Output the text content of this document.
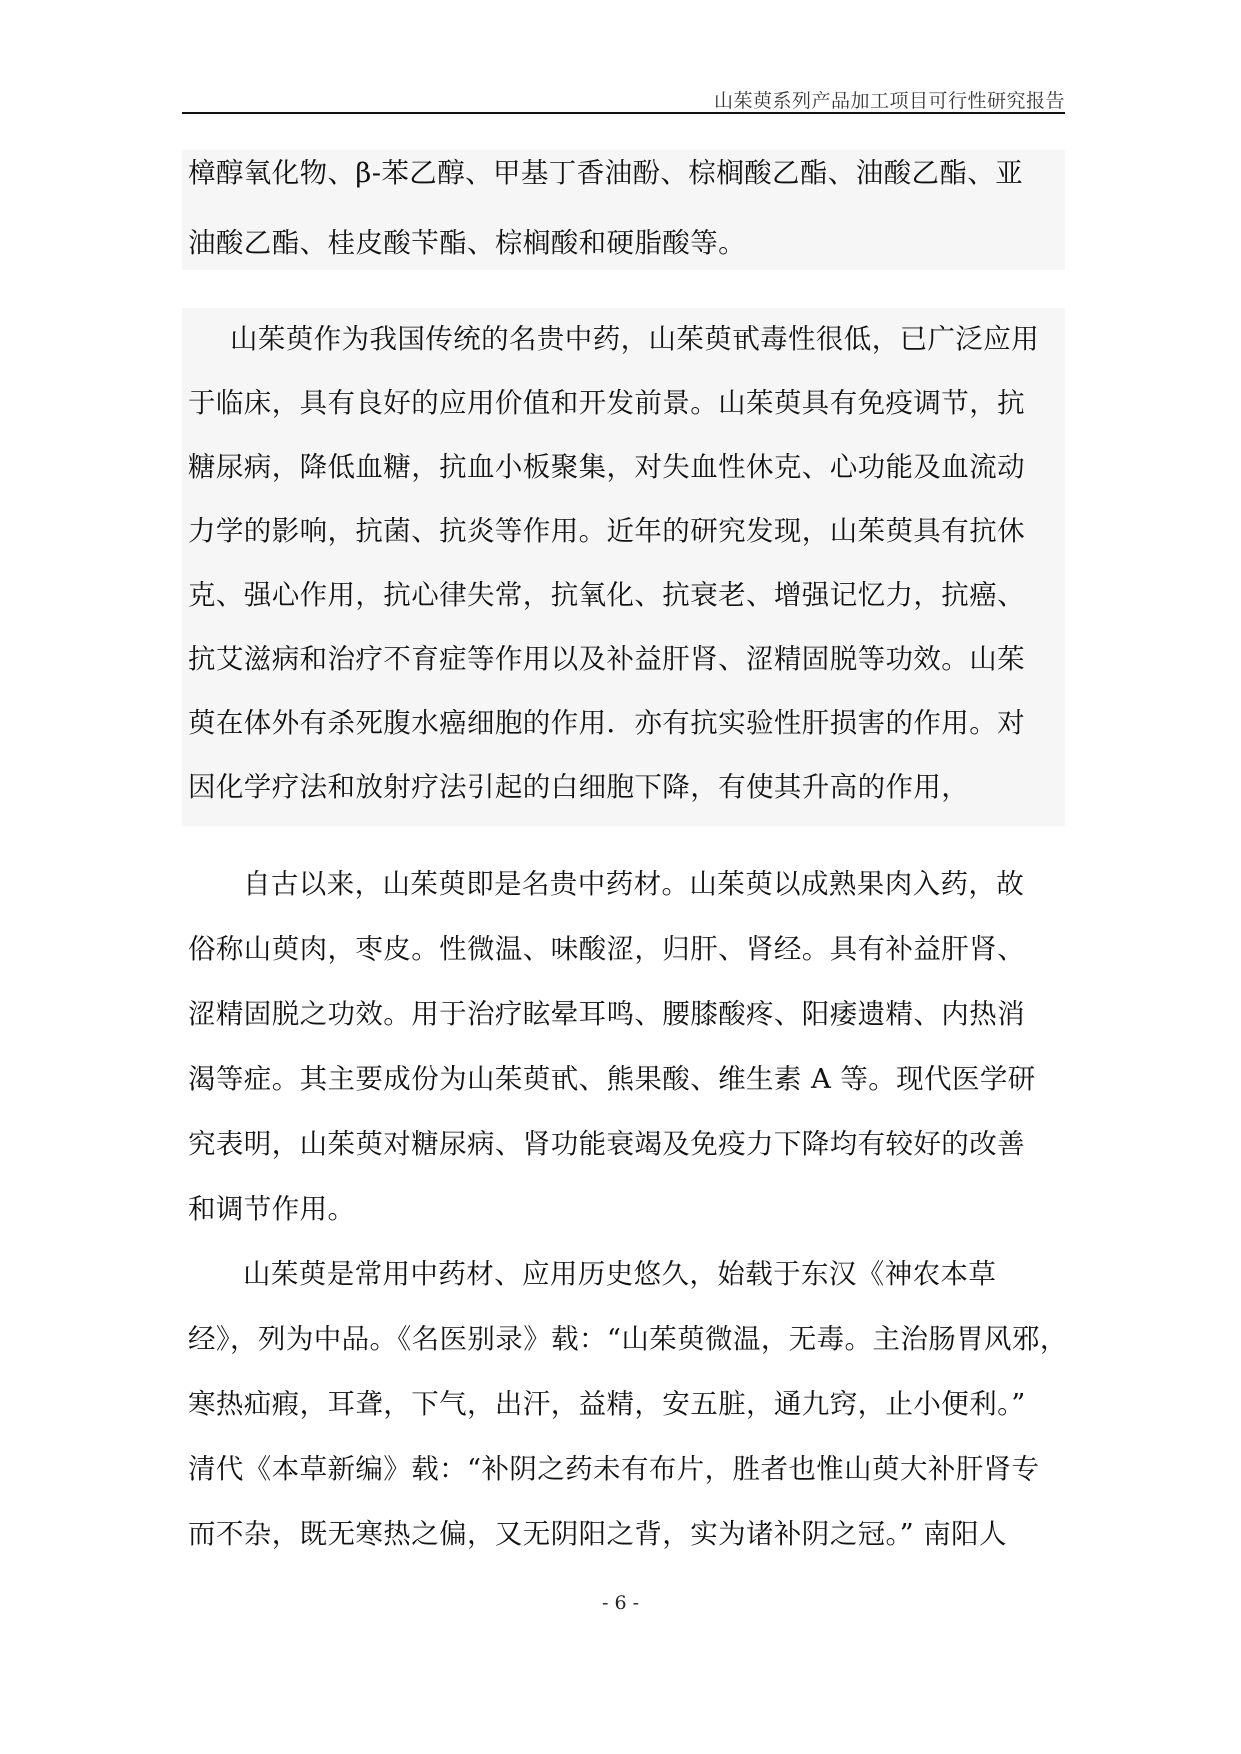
山茱萸系列产品加工项目可行性研究报告
樟醇氧化物、β-苯乙醇、甲基丁香油酚、棕榈酸乙酯、油酸乙酯、亚
油酸乙酯、桂皮酸苄酯、棕榈酸和硬脂酸等。
山茱萸作为我国传统的名贵中药，山茱萸甙毒性很低，已广泛应用
于临床，具有良好的应用价值和开发前景。山茱萸具有免疫调节，抗
糖尿病，降低血糖，抗血小板聚集，对失血性休克、心功能及血流动
力学的影响，抗菌、抗炎等作用。近年的研究发现，山茱萸具有抗休
克、强心作用，抗心律失常，抗氧化、抗衰老、增强记忆力，抗癌、
抗艾滋病和治疗不育症等作用以及补益肝肾、涩精固脱等功效。山茱
萸在体外有杀死腹水癌细胞的作用．亦有抗实验性肝损害的作用。对
因化学疗法和放射疗法引起的白细胞下降，有使其升高的作用，
自古以来，山茱萸即是名贵中药材。山茱萸以成熟果肉入药，故
俗称山萸肉，枣皮。性微温、味酸涩，归肝、肾经。具有补益肝肾、
涩精固脱之功效。用于治疗眩晕耳鸣、腰膝酸疼、阳痿遗精、内热消
渴等症。其主要成份为山茱萸甙、熊果酸、维生素 A 等。现代医学研
究表明，山茱萸对糖尿病、肾功能衰竭及免疫力下降均有较好的改善
和调节作用。
山茱萸是常用中药材、应用历史悠久，始载于东汉《神农本草
经》，列为中品。《名医别录》载：“山茱萸微温，无毒。主治肠胃风邪，
寒热疝瘕，耳聋，下气，出汗，益精，安五脏，通九窍，止小便利。”
清代《本草新编》载：“补阴之药未有布片，胜者也惟山萸大补肝肾专
而不杂，既无寒热之偏，又无阴阳之背，实为诸补阴之冠。” 南阳人
- 6 -
